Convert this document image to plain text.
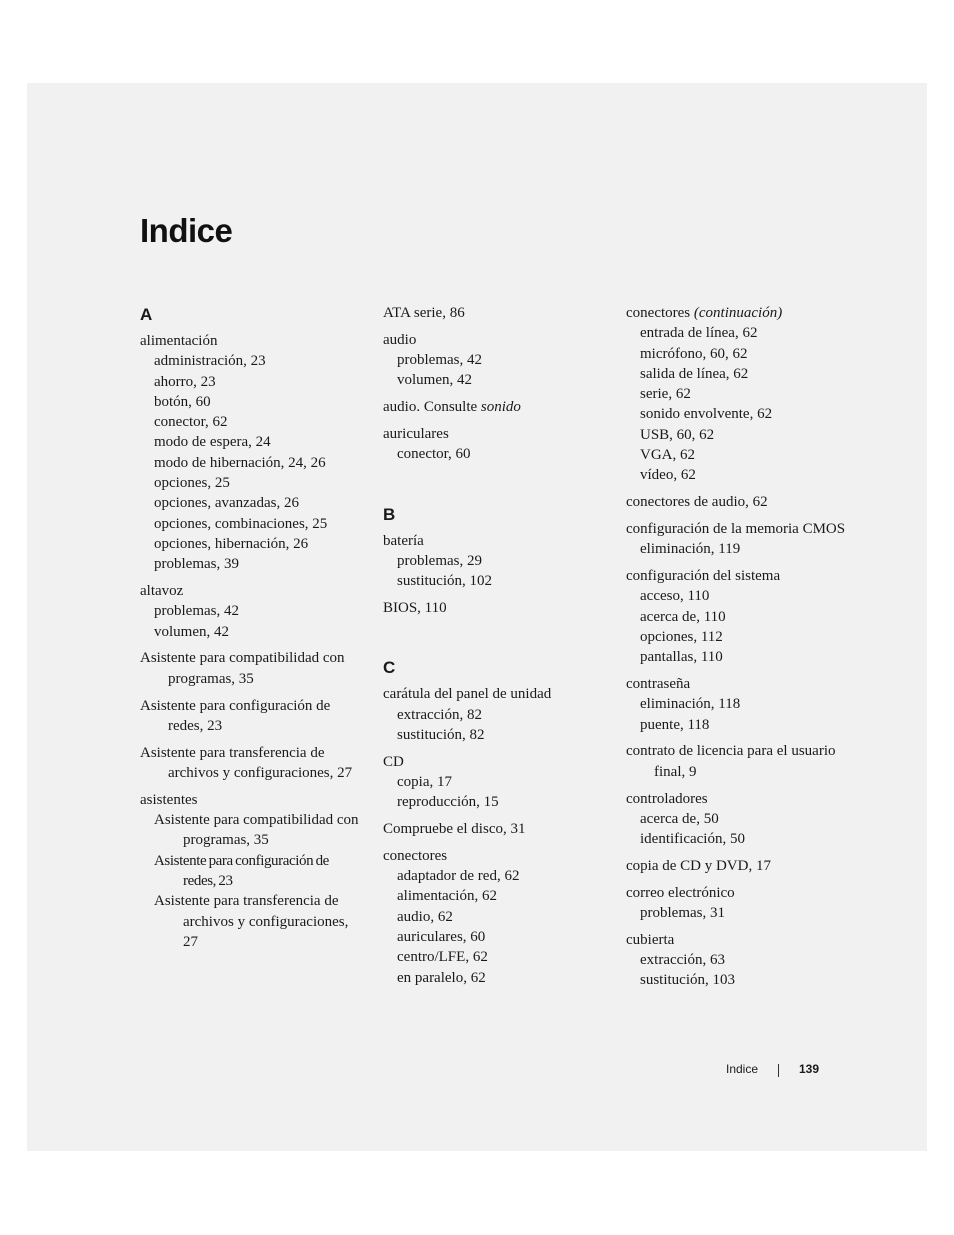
Indice
A
alimentación
administración, 23
ahorro, 23
botón, 60
conector, 62
modo de espera, 24
modo de hibernación, 24, 26
opciones, 25
opciones, avanzadas, 26
opciones, combinaciones, 25
opciones, hibernación, 26
problemas, 39
altavoz
problemas, 42
volumen, 42
Asistente para compatibilidad con programas, 35
Asistente para configuración de redes, 23
Asistente para transferencia de archivos y configuraciones, 27
asistentes
Asistente para compatibilidad con programas, 35
Asistente para configuración de redes, 23
Asistente para transferencia de archivos y configuraciones, 27
ATA serie, 86
audio
problemas, 42
volumen, 42
audio. Consulte sonido
auriculares
conector, 60
B
batería
problemas, 29
sustitución, 102
BIOS, 110
C
carátula del panel de unidad
extracción, 82
sustitución, 82
CD
copia, 17
reproducción, 15
Compruebe el disco, 31
conectores
adaptador de red, 62
alimentación, 62
audio, 62
auriculares, 60
centro/LFE, 62
en paralelo, 62
conectores (continuación)
entrada de línea, 62
micrófono, 60, 62
salida de línea, 62
serie, 62
sonido envolvente, 62
USB, 60, 62
VGA, 62
vídeo, 62
conectores de audio, 62
configuración de la memoria CMOS
eliminación, 119
configuración del sistema
acceso, 110
acerca de, 110
opciones, 112
pantallas, 110
contraseña
eliminación, 118
puente, 118
contrato de licencia para el usuario final, 9
controladores
acerca de, 50
identificación, 50
copia de CD y DVD, 17
correo electrónico
problemas, 31
cubierta
extracción, 63
sustitución, 103
Indice	139
